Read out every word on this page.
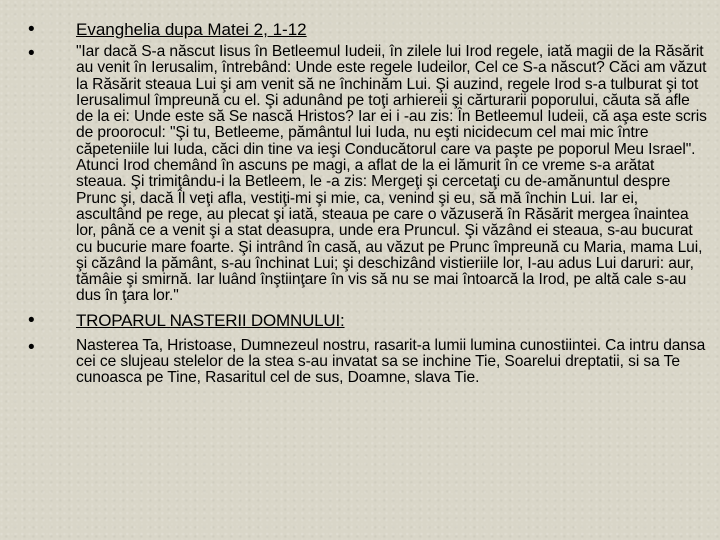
• Evanghelia dupa Matei 2, 1-12
• "Iar dacă S-a născut Iisus în Betleemul Iudeii, în zilele lui Irod regele, iată magii de la Răsărit au venit în Ierusalim, întrebând: Unde este regele Iudeilor, Cel ce S-a născut? Căci am văzut la Răsărit steaua Lui şi am venit să ne închinăm Lui. Şi auzind, regele Irod s-a tulburat şi tot Ierusalimul împreună cu el. Şi adunând pe toţi arhiereii şi cărturarii poporului, căuta să afle de la ei: Unde este să Se nască Hristos? Iar ei i -au zis: În Betleemul Iudeii, că aşa este scris de proorocul: "Şi tu, Betleeme, pământul lui Iuda, nu eşti nicidecum cel mai mic între căpeteniile lui Iuda, căci din tine va ieşi Conducătorul care va paşte pe poporul Meu Israel". Atunci Irod chemând în ascuns pe magi, a aflat de la ei lămurit în ce vreme s-a arătat steaua. Şi trimiţându-i la Betleem, le -a zis: Mergeţi şi cercetaţi cu de-amănuntul despre Prunc şi, dacă Îl veţi afla, vestiţi-mi şi mie, ca, venind şi eu, să mă închin Lui. Iar ei, ascultând pe rege, au plecat şi iată, steaua pe care o văzuseră în Răsărit mergea înaintea lor, până ce a venit şi a stat deasupra, unde era Pruncul. Şi văzând ei steaua, s-au bucurat cu bucurie mare foarte. Şi intrând în casă, au văzut pe Prunc împreună cu Maria, mama Lui, şi căzând la pământ, s-au închinat Lui; şi deschizând vistieriile lor, I-au adus Lui daruri: aur, tămâie şi smirnă. Iar luând înştiinţare în vis să nu se mai întoarcă la Irod, pe altă cale s-au dus în ţara lor."
• TROPARUL NASTERII DOMNULUI:
• Nasterea Ta, Hristoase, Dumnezeul nostru, rasarit-a lumii lumina cunostiintei. Ca intru dansa cei ce slujeau stelelor de la stea s-au invatat sa se inchine Tie, Soarelui dreptatii, si sa Te cunoasca pe Tine, Rasaritul cel de sus, Doamne, slava Tie.
